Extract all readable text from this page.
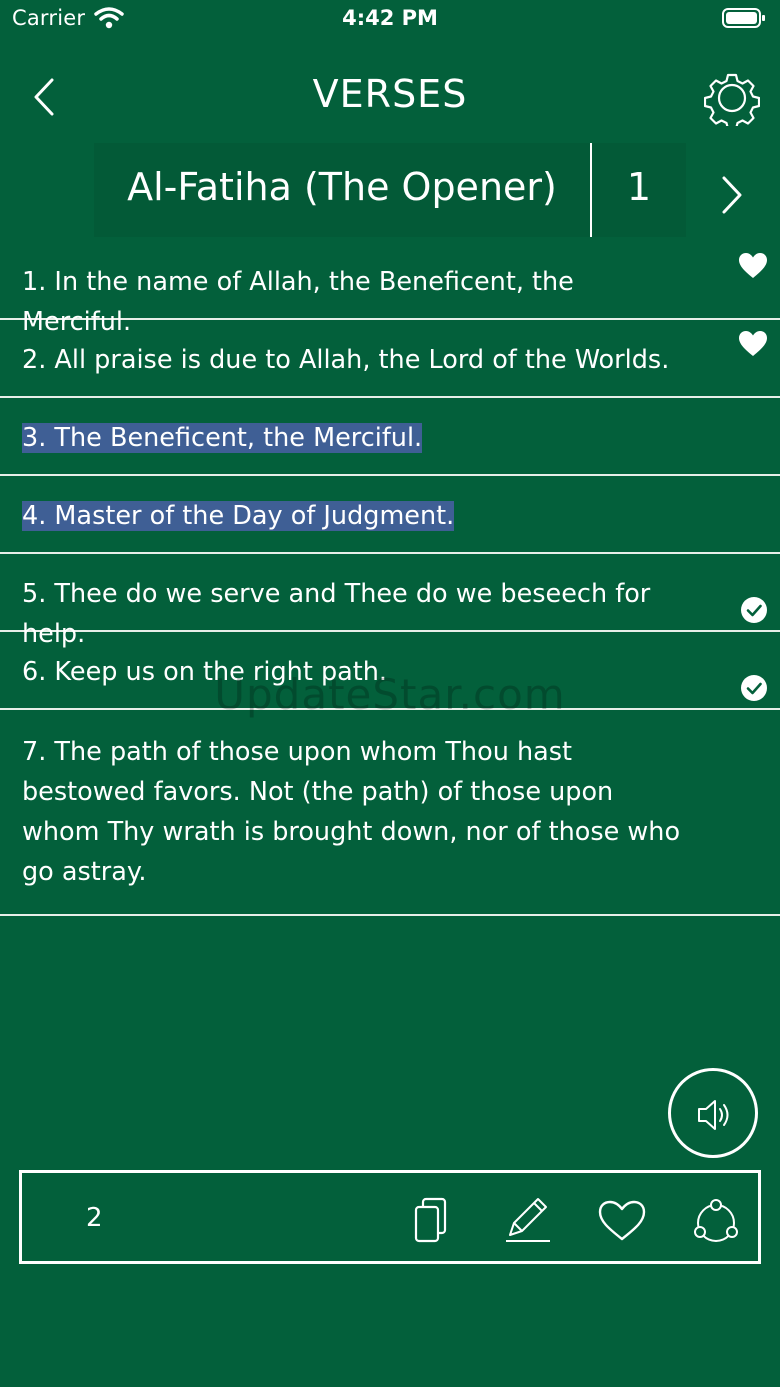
Carrier	4:42 PM
VERSES
Al-Fatiha (The Opener)	1
1. In the name of Allah, the Beneficent, the Merciful.
2. All praise is due to Allah, the Lord of the Worlds.
3. The Beneficent, the Merciful.
4. Master of the Day of Judgment.
5. Thee do we serve and Thee do we beseech for help.
6. Keep us on the right path.
7. The path of those upon whom Thou hast bestowed favors. Not (the path) of those upon whom Thy wrath is brought down, nor of those who go astray.
UpdateStar.com
2
